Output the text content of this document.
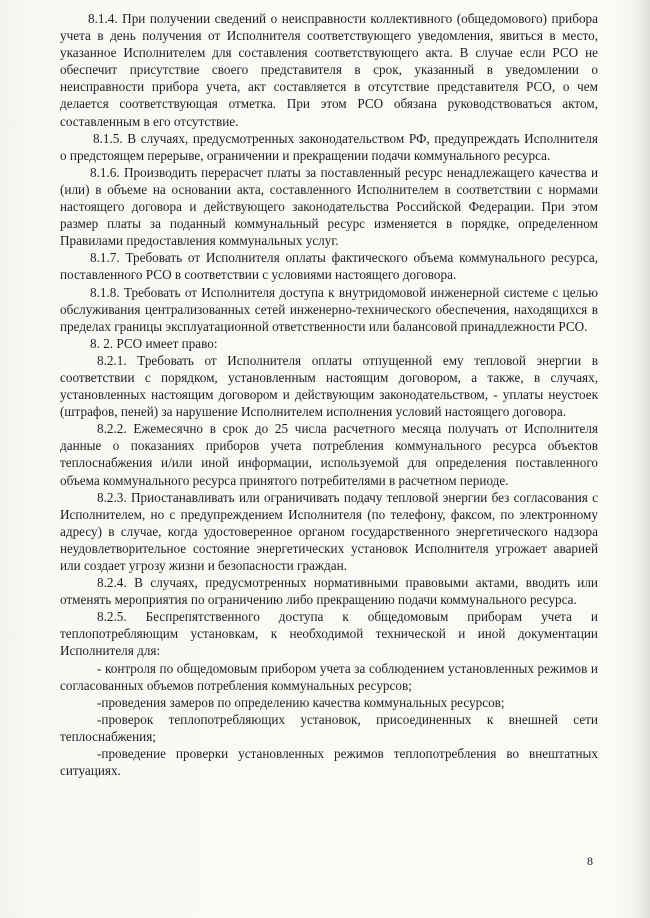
8.1.4. При получении сведений о неисправности коллективного (общедомового) прибора учета в день получения от Исполнителя соответствующего уведомления, явиться в место, указанное Исполнителем для составления соответствующего акта. В случае если РСО не обеспечит присутствие своего представителя в срок, указанный в уведомлении о неисправности прибора учета, акт составляется в отсутствие представителя РСО, о чем делается соответствующая отметка. При этом РСО обязана руководствоваться актом, составленным в его отсутствие.

8.1.5. В случаях, предусмотренных законодательством РФ, предупреждать Исполнителя о предстоящем перерыве, ограничении и прекращении подачи коммунального ресурса.

8.1.6. Производить перерасчет платы за поставленный ресурс ненадлежащего качества и (или) в объеме на основании акта, составленного Исполнителем в соответствии с нормами настоящего договора и действующего законодательства Российской Федерации. При этом размер платы за поданный коммунальный ресурс изменяется в порядке, определенном Правилами предоставления коммунальных услуг.

8.1.7. Требовать от Исполнителя оплаты фактического объема коммунального ресурса, поставленного РСО в соответствии с условиями настоящего договора.

8.1.8. Требовать от Исполнителя доступа к внутридомовой инженерной системе с целью обслуживания централизованных сетей инженерно-технического обеспечения, находящихся в пределах границы эксплуатационной ответственности или балансовой принадлежности РСО.

8. 2. РСО имеет право:

8.2.1. Требовать от Исполнителя оплаты отпущенной ему тепловой энергии в соответствии с порядком, установленным настоящим договором, а также, в случаях, установленных настоящим договором и действующим законодательством, - уплаты неустоек (штрафов, пеней) за нарушение Исполнителем исполнения условий настоящего договора.

8.2.2. Ежемесячно в срок до 25 числа расчетного месяца получать от Исполнителя данные о показаниях приборов учета потребления коммунального ресурса объектов теплоснабжения и/или иной информации, используемой для определения поставленного объема коммунального ресурса принятого потребителями в расчетном периоде.

8.2.3. Приостанавливать или ограничивать подачу тепловой энергии без согласования с Исполнителем, но с предупреждением Исполнителя (по телефону, факсом, по электронному адресу) в случае, когда удостоверенное органом государственного энергетического надзора неудовлетворительное состояние энергетических установок Исполнителя угрожает аварией или создает угрозу жизни и безопасности граждан.

8.2.4. В случаях, предусмотренных нормативными правовыми актами, вводить или отменять мероприятия по ограничению либо прекращению подачи коммунального ресурса.

8.2.5. Беспрепятственного доступа к общедомовым приборам учета и теплопотребляющим установкам, к необходимой технической и иной документации Исполнителя для:

- контроля по общедомовым прибором учета за соблюдением установленных режимов и согласованных объемов потребления коммунальных ресурсов;

-проведения замеров по определению качества коммунальных ресурсов;

-проверок теплопотребляющих установок, присоединенных к внешней сети теплоснабжения;

-проведение проверки установленных режимов теплопотребления во внештатных ситуациях.

8
